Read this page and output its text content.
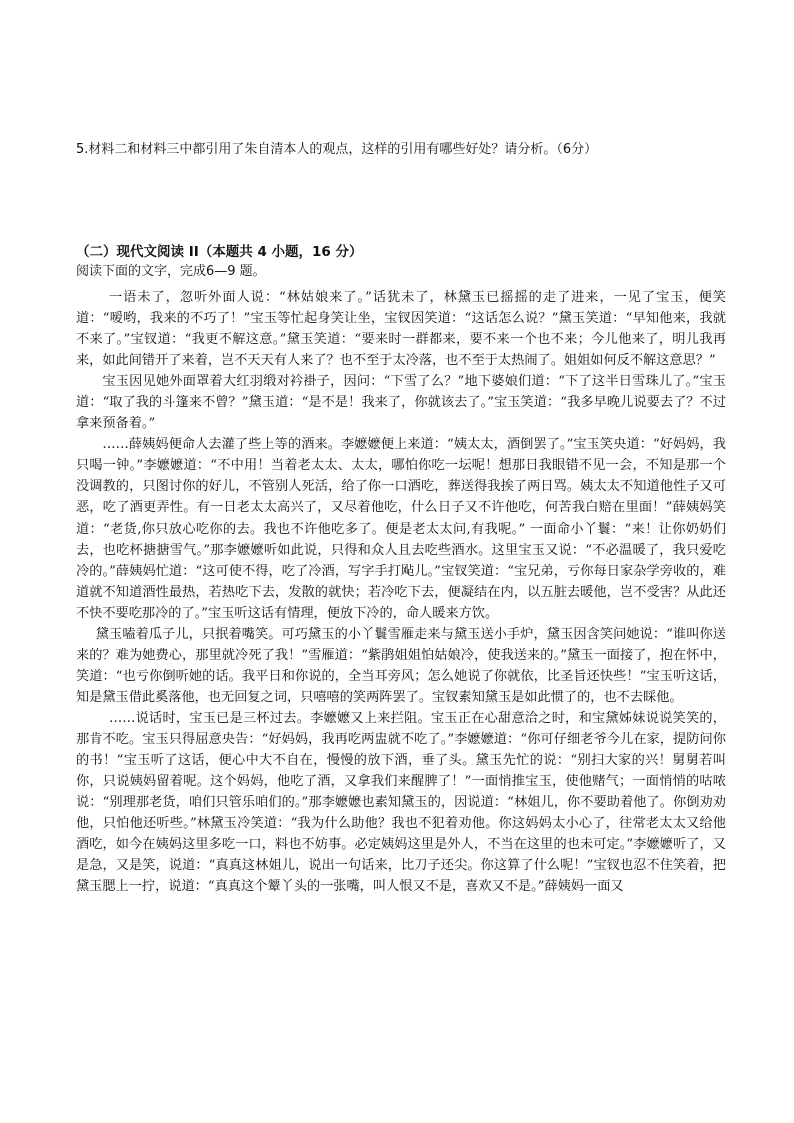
5.材料二和材料三中都引用了朱自清本人的观点，这样的引用有哪些好处？请分析。（6分）

（二）现代文阅读 II（本题共 4 小题，16 分）

阅读下面的文字，完成6—9 题。

一语未了，忽听外面人说：“林姑娘来了。”话犹未了，林黛玉已摇摇的走了进来，一见了宝玉，便笑道：“嗳哟，我来的不巧了！”宝玉等忙起身笑让坐，宝钗因笑道：“这话怎么说？”黛玉笑道：“早知他来，我就不来了。”宝钗道：“我更不解这意。”黛玉笑道：“要来时一群都来，要不来一个也不来；今儿他来了，明儿我再来，如此间错开了来着，岂不天天有人来了？也不至于太冷落，也不至于太热闹了。姐姐如何反不解这意思？”

宝玉因见她外面罩着大红羽缎对衿褂子，因问：“下雪了么？”地下婆娘们道：“下了这半日雪珠儿了。”宝玉道：“取了我的斗篷来不曾？”黛玉道：“是不是！我来了，你就该去了。”宝玉笑道：“我多早晚儿说要去了？不过拿来预备着。”

……薛姨妈便命人去灌了些上等的酒来。李嬷嬷便上来道：“姨太太，酒倒罢了。”宝玉笑央道：“好妈妈，我只喝一钟。”李嬷嬷道：“不中用！当着老太太、太太，哪怕你吃一坛呢！想那日我眼错不见一会，不知是那一个没调教的，只图讨你的好儿，不管别人死活，给了你一口酒吃，葬送得我挨了两日骂。姨太太不知道他性子又可恶，吃了酒更弄性。有一日老太太高兴了，又尽着他吃，什么日子又不许他吃，何苦我白赔在里面！”薛姨妈笑道：“老货,你只放心吃你的去。我也不许他吃多了。便是老太太问,有我呢。” 一面命小丫鬟：“来！让你奶奶们去，也吃杯搪搪雪气。”那李嬷嬷听如此说，只得和众人且去吃些酒水。这里宝玉又说：“不必温暖了，我只爱吃冷的。”薛姨妈忙道：“这可使不得，吃了冷酒，写字手打飐儿。”宝钗笑道：“宝兄弟，亏你每日家杂学旁收的，难道就不知道酒性最热，若热吃下去，发散的就快；若冷吃下去，便凝结在内，以五脏去暖他，岂不受害？从此还不快不要吃那冷的了。”宝玉听这话有情理，便放下冷的，命人暖来方饮。

黛玉嗑着瓜子儿，只抿着嘴笑。可巧黛玉的小丫鬟雪雁走来与黛玉送小手炉，黛玉因含笑问她说：“谁叫你送来的？难为她费心，那里就冷死了我！”雪雁道：“紫鹃姐姐怕姑娘冷，使我送来的。”黛玉一面接了，抱在怀中，笑道：“也亏你倒听她的话。我平日和你说的，全当耳旁风；怎么她说了你就依，比圣旨还快些！”宝玉听这话，知是黛玉借此奚落他，也无回复之词，只嘻嘻的笑两阵罢了。宝钗素知黛玉是如此惯了的，也不去睬他。

……说话时，宝玉已是三杯过去。李嬷嬷又上来拦阻。宝玉正在心甜意洽之时，和宝黛姊妹说说笑笑的，那肯不吃。宝玉只得屈意央告：“好妈妈，我再吃两盅就不吃了。”李嬷嬷道：“你可仔细老爷今儿在家，提防问你的书！”宝玉听了这话，便心中大不自在，慢慢的放下酒，垂了头。黛玉先忙的说：“别扫大家的兴！舅舅若叫你，只说姨妈留着呢。这个妈妈，他吃了酒，又拿我们来醒脾了！”一面悄推宝玉，使他赌气；一面悄悄的咕哝说：“别理那老货，咱们只管乐咱们的。”那李嬷嬷也素知黛玉的，因说道：“林姐儿，你不要助着他了。你倒劝劝他，只怕他还听些。”林黛玉冷笑道：“我为什么助他？我也不犯着劝他。你这妈妈太小心了，往常老太太又给他酒吃，如今在姨妈这里多吃一口，料也不妨事。必定姨妈这里是外人，不当在这里的也未可定。”李嬷嬷听了，又是急，又是笑，说道：“真真这林姐儿，说出一句话来，比刀子还尖。你这算了什么呢！”宝钗也忍不住笑着，把黛玉腮上一拧，说道：“真真这个颦丫头的一张嘴，叫人恨又不是，喜欢又不是。”薛姨妈一面又
